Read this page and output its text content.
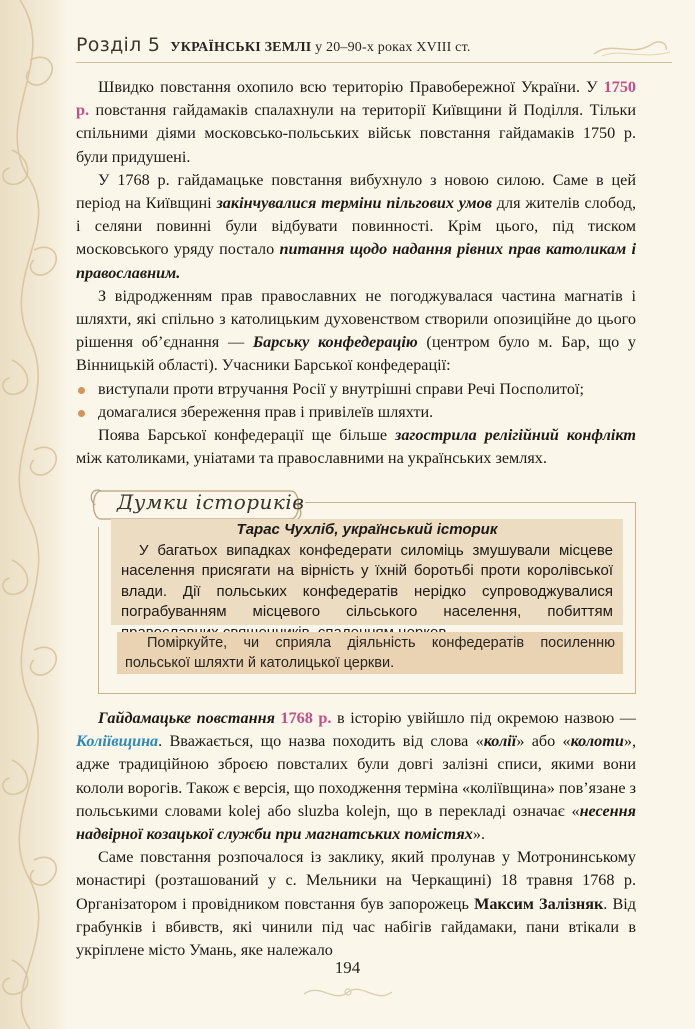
Розділ 5 УКРАЇНСЬКІ ЗЕМЛІ у 20–90-х роках XVIII ст.

Швидко повстання охопило всю територію Правобережної України. У 1750 р. повстання гайдамаків спалахнули на території Київщини й Поділля. Тільки спільними діями московсько-польських військ повстання гайдамаків 1750 р. були придушені.

У 1768 р. гайдамацьке повстання вибухнуло з новою силою. Саме в цей період на Київщині закінчувалися терміни пільгових умов для жителів слобод, і селяни повинні були відбувати повинності. Крім цього, під тиском московського уряду постало питання щодо надання рівних прав католикам і православним.

З відродженням прав православних не погоджувалася частина магнатів і шляхти, які спільно з католицьким духовенством створили опозиційне до цього рішення об’єднання — Барську конфедерацію (центром було м. Бар, що у Вінницькій області). Учасники Барської конфедерації:

виступали проти втручання Росії у внутрішні справи Речі Посполитої;
домагалися збереження прав і привілеїв шляхти.

Поява Барської конфедерації ще більше загострила релігійний конфлікт між католиками, уніатами та православними на українських землях.

Думки істориків
Тарас Чухліб, український історик
У багатьох випадках конфедерати силоміць змушували місцеве населення присягати на вірність у їхній боротьбі проти королівської влади. Дії польських конфедератів нерідко супроводжувалися пограбуванням місцевого сільського населення, побиттям
Поміркуйте, чи сприяла діяльність конфедератів посиленню польської шляхти й католицької церкви.

Гайдамацьке повстання 1768 р. в історію увійшло під окремою назвою — Коліївщина. Вважається, що назва походить від слова «колії» або «колоти», адже традиційною зброєю повсталих були довгі залізні списи, якими вони кололи ворогів. Також є версія, що походження терміна «коліївщина» пов’язане з польськими словами kolej або sluzba kolejn, що в перекладі означає «несення надвірної козацької служби при магнатських помістях».

Саме повстання розпочалося із заклику, який пролунав у Мотронинському монастирі (розташований у с. Мельники на Черкащині) 18 травня 1768 р. Організатором і провідником повстання був запорожець Максим Залізняк. Від грабунків і вбивств, які чинили під час набігів гайдамаки, пани втікали в укріплене місто Умань, яке належало

194
